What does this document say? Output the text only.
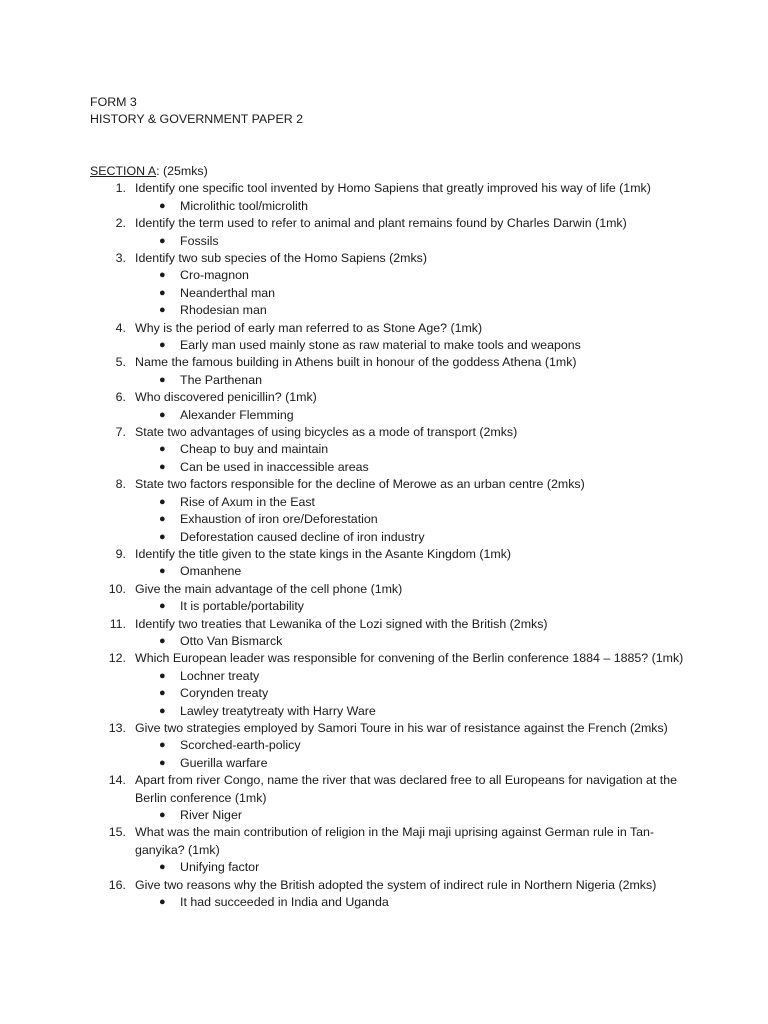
FORM 3
HISTORY & GOVERNMENT PAPER 2
SECTION A: (25mks)
1. Identify one specific tool invented by Homo Sapiens that greatly improved his way of life (1mk)
● Microlithic tool/microlith
2. Identify the term used to refer to animal and plant remains found by Charles Darwin (1mk)
● Fossils
3. Identify two sub species of the Homo Sapiens (2mks)
● Cro-magnon
● Neanderthal man
● Rhodesian man
4. Why is the period of early man referred to as Stone Age? (1mk)
● Early man used mainly stone as raw material to make tools and weapons
5. Name the famous building in Athens built in honour of the goddess Athena (1mk)
● The Parthenan
6. Who discovered penicillin? (1mk)
● Alexander Flemming
7. State two advantages of using bicycles as a mode of transport (2mks)
● Cheap to buy and maintain
● Can be used in inaccessible areas
8. State two factors responsible for the decline of Merowe as an urban centre (2mks)
● Rise of Axum in the East
● Exhaustion of iron ore/Deforestation
● Deforestation caused decline of iron industry
9. Identify the title given to the state kings in the Asante Kingdom (1mk)
● Omanhene
10. Give the main advantage of the cell phone (1mk)
● It is portable/portability
11. Identify two treaties that Lewanika of the Lozi signed with the British (2mks)
● Otto Van Bismarck
12. Which European leader was responsible for convening of the Berlin conference 1884 – 1885? (1mk)
● Lochner treaty
● Corynden treaty
● Lawley treatytreaty with Harry Ware
13. Give two strategies employed by Samori Toure in his war of resistance against the French (2mks)
● Scorched-earth-policy
● Guerilla warfare
14. Apart from river Congo, name the river that was declared free to all Europeans for navigation at the Berlin conference (1mk)
● River Niger
15. What was the main contribution of religion in the Maji maji uprising against German rule in Tan-ganyika? (1mk)
● Unifying factor
16. Give two reasons why the British adopted the system of indirect rule in Northern Nigeria (2mks)
● It had succeeded in India and Uganda
